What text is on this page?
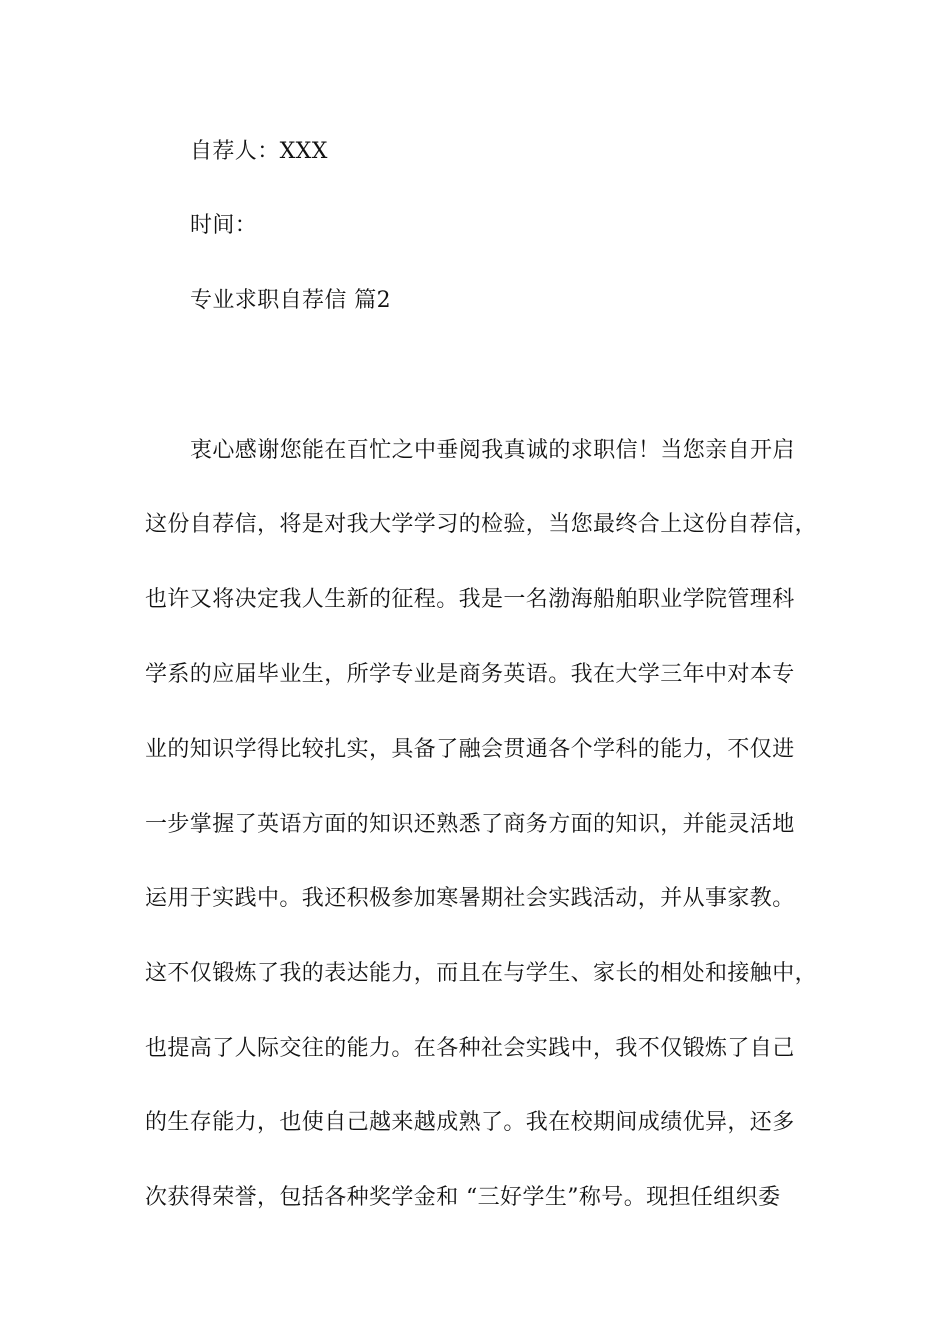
自荐人：XXX
时间：
专业求职自荐信 篇2
衷心感谢您能在百忙之中垂阅我真诚的求职信！当您亲自开启
这份自荐信，将是对我大学学习的检验，当您最终合上这份自荐信，
也许又将决定我人生新的征程。我是一名渤海船舶职业学院管理科
学系的应届毕业生，所学专业是商务英语。我在大学三年中对本专
业的知识学得比较扎实，具备了融会贯通各个学科的能力，不仅进
一步掌握了英语方面的知识还熟悉了商务方面的知识，并能灵活地
运用于实践中。我还积极参加寒暑期社会实践活动，并从事家教。
这不仅锻炼了我的表达能力，而且在与学生、家长的相处和接触中，
也提高了人际交往的能力。在各种社会实践中，我不仅锻炼了自己
的生存能力，也使自己越来越成熟了。我在校期间成绩优异，还多
次获得荣誉，包括各种奖学金和 “三好学生”称号。现担任组织委
